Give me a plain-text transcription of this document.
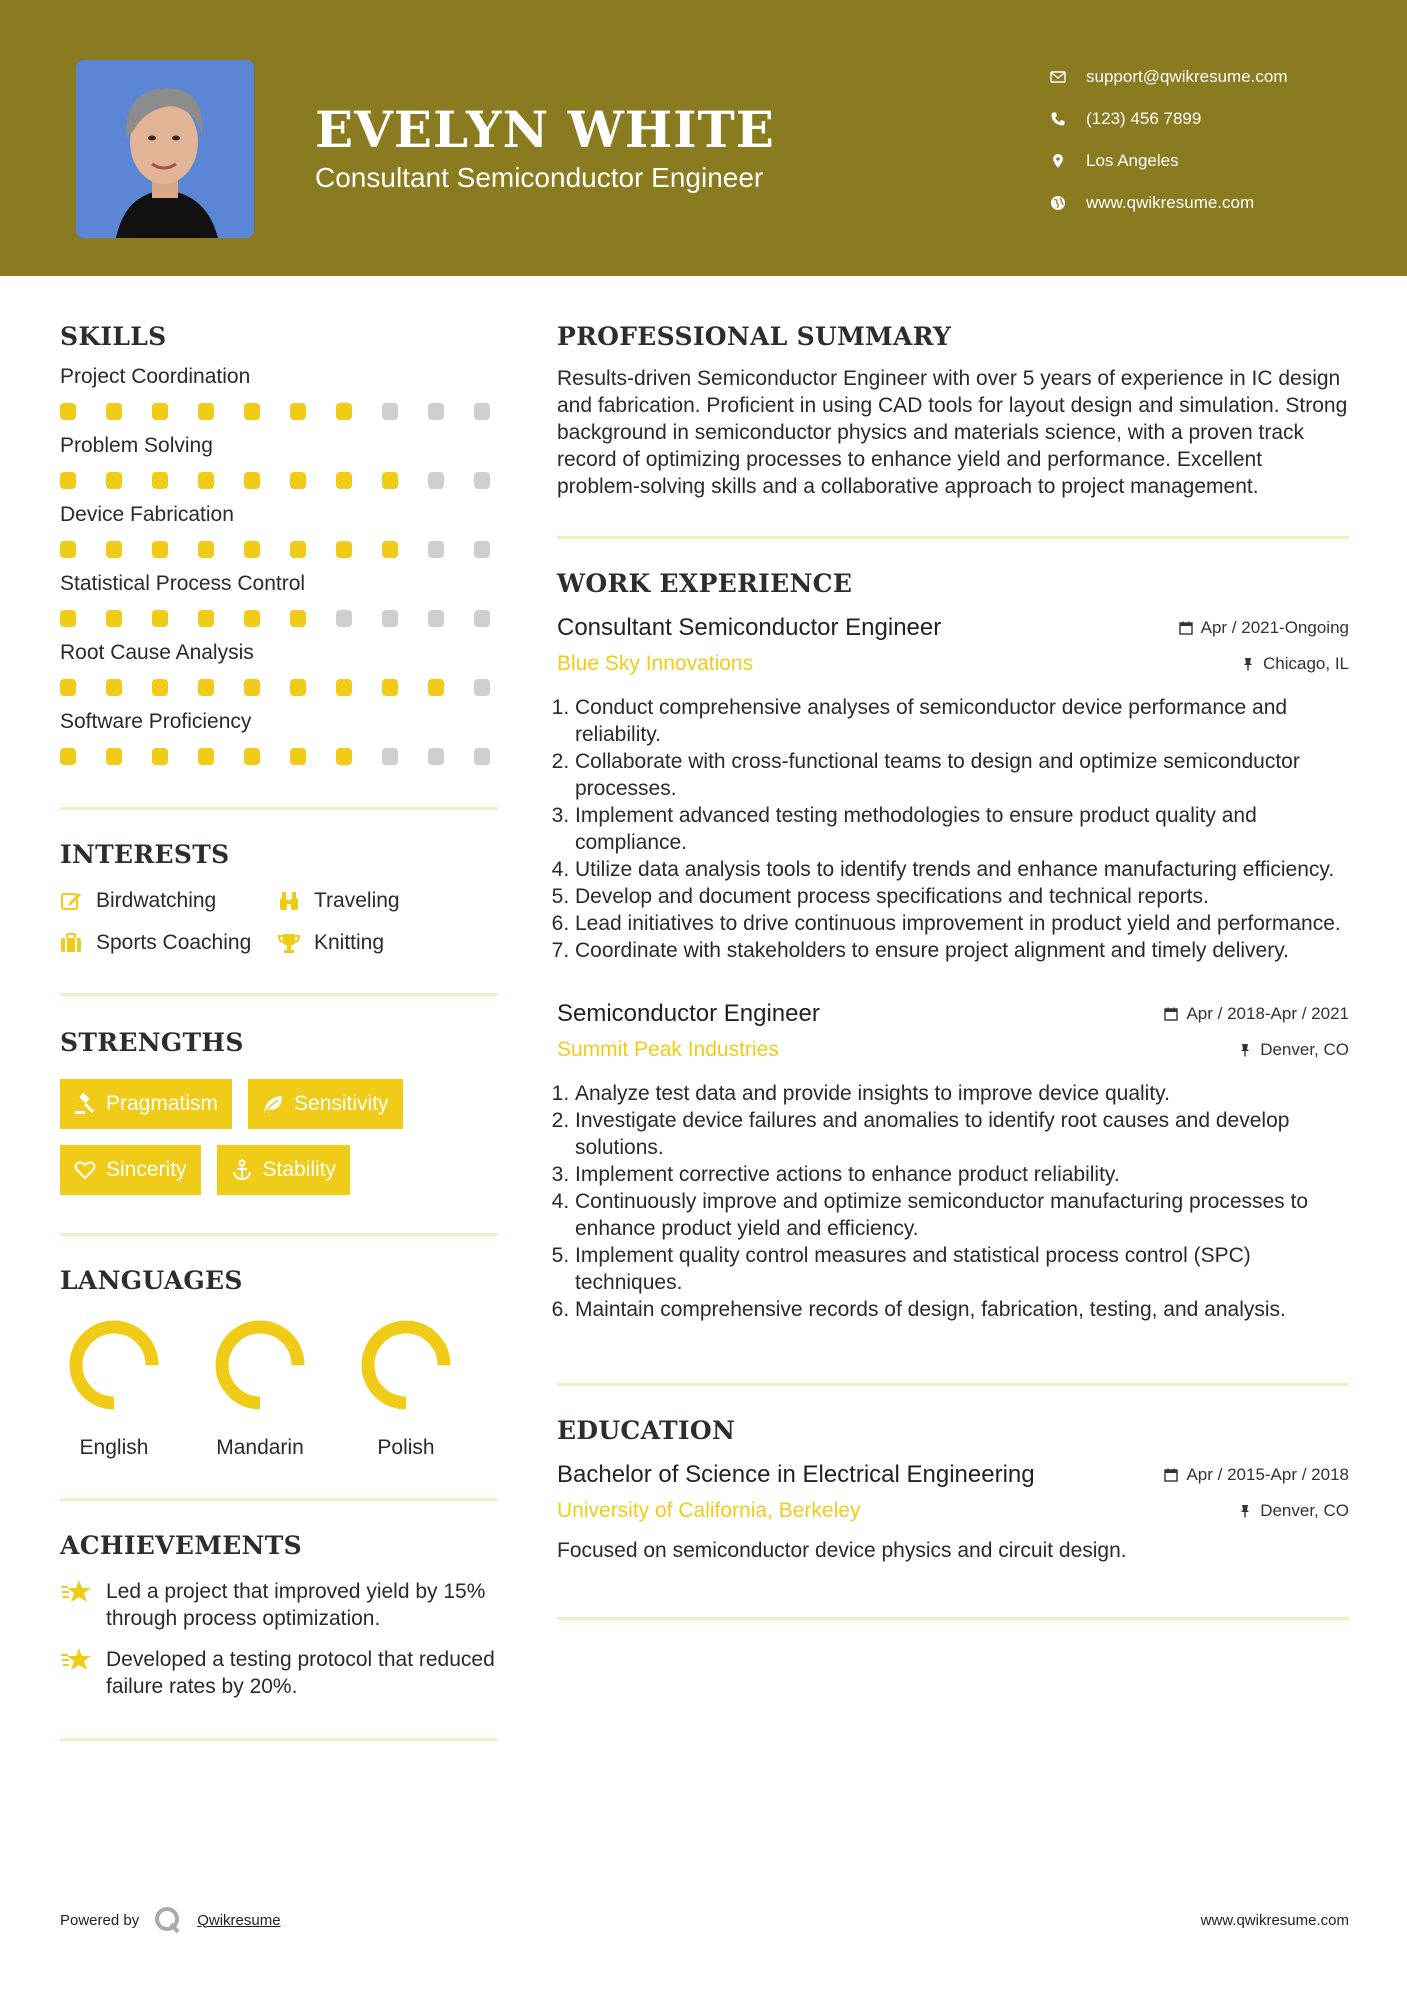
EVELYN WHITE
Consultant Semiconductor Engineer
support@qwikresume.com
(123) 456 7899
Los Angeles
www.qwikresume.com
SKILLS
Project Coordination
Problem Solving
Device Fabrication
Statistical Process Control
Root Cause Analysis
Software Proficiency
INTERESTS
Birdwatching	Traveling
Sports Coaching	Knitting
STRENGTHS
Pragmatism	Sensitivity
Sincerity	Stability
LANGUAGES
English	Mandarin	Polish
ACHIEVEMENTS
Led a project that improved yield by 15% through process optimization.
Developed a testing protocol that reduced failure rates by 20%.
PROFESSIONAL SUMMARY
Results-driven Semiconductor Engineer with over 5 years of experience in IC design and fabrication. Proficient in using CAD tools for layout design and simulation. Strong background in semiconductor physics and materials science, with a proven track record of optimizing processes to enhance yield and performance. Excellent problem-solving skills and a collaborative approach to project management.
WORK EXPERIENCE
Consultant Semiconductor Engineer	Apr / 2021-Ongoing
Blue Sky Innovations	Chicago, IL
1. Conduct comprehensive analyses of semiconductor device performance and reliability.
2. Collaborate with cross-functional teams to design and optimize semiconductor processes.
3. Implement advanced testing methodologies to ensure product quality and compliance.
4. Utilize data analysis tools to identify trends and enhance manufacturing efficiency.
5. Develop and document process specifications and technical reports.
6. Lead initiatives to drive continuous improvement in product yield and performance.
7. Coordinate with stakeholders to ensure project alignment and timely delivery.
Semiconductor Engineer	Apr / 2018-Apr / 2021
Summit Peak Industries	Denver, CO
1. Analyze test data and provide insights to improve device quality.
2. Investigate device failures and anomalies to identify root causes and develop solutions.
3. Implement corrective actions to enhance product reliability.
4. Continuously improve and optimize semiconductor manufacturing processes to enhance product yield and efficiency.
5. Implement quality control measures and statistical process control (SPC) techniques.
6. Maintain comprehensive records of design, fabrication, testing, and analysis.
EDUCATION
Bachelor of Science in Electrical Engineering	Apr / 2015-Apr / 2018
University of California, Berkeley	Denver, CO
Focused on semiconductor device physics and circuit design.
Powered by	Qwikresume	www.qwikresume.com
